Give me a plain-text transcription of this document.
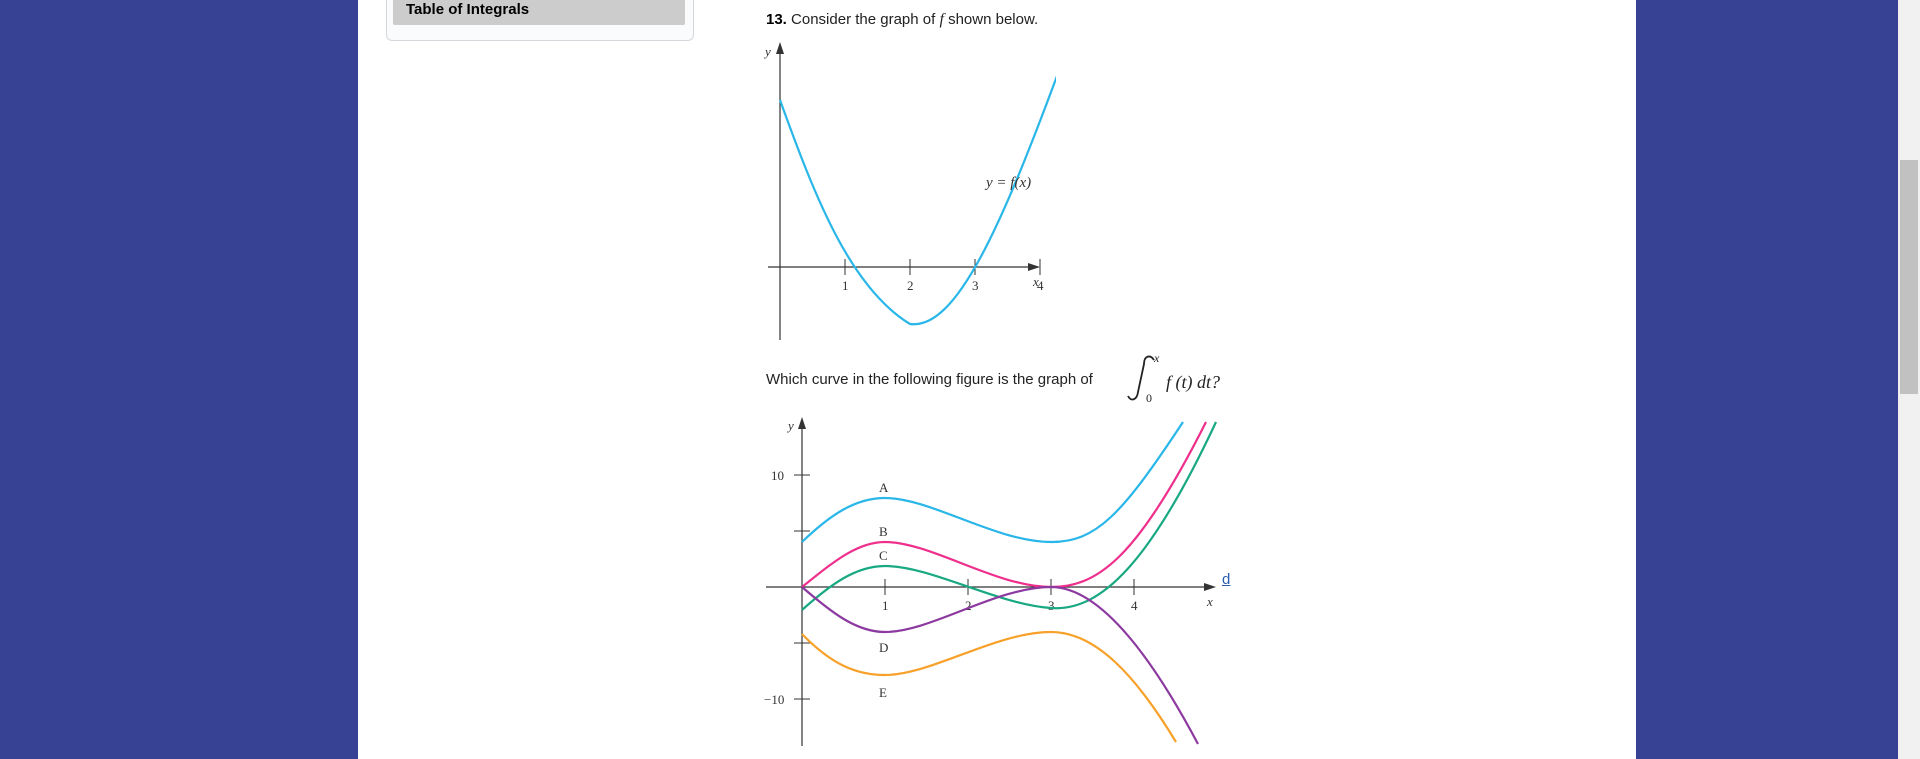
Table of Integrals
13. Consider the graph of f shown below.
y
x
1	2	3	4
y = f(x)
Which curve in the following figure is the graph of
x
0
f (t) dt?
y
x
10
−10
1	2	3	4
A
B
C
D
E
d
